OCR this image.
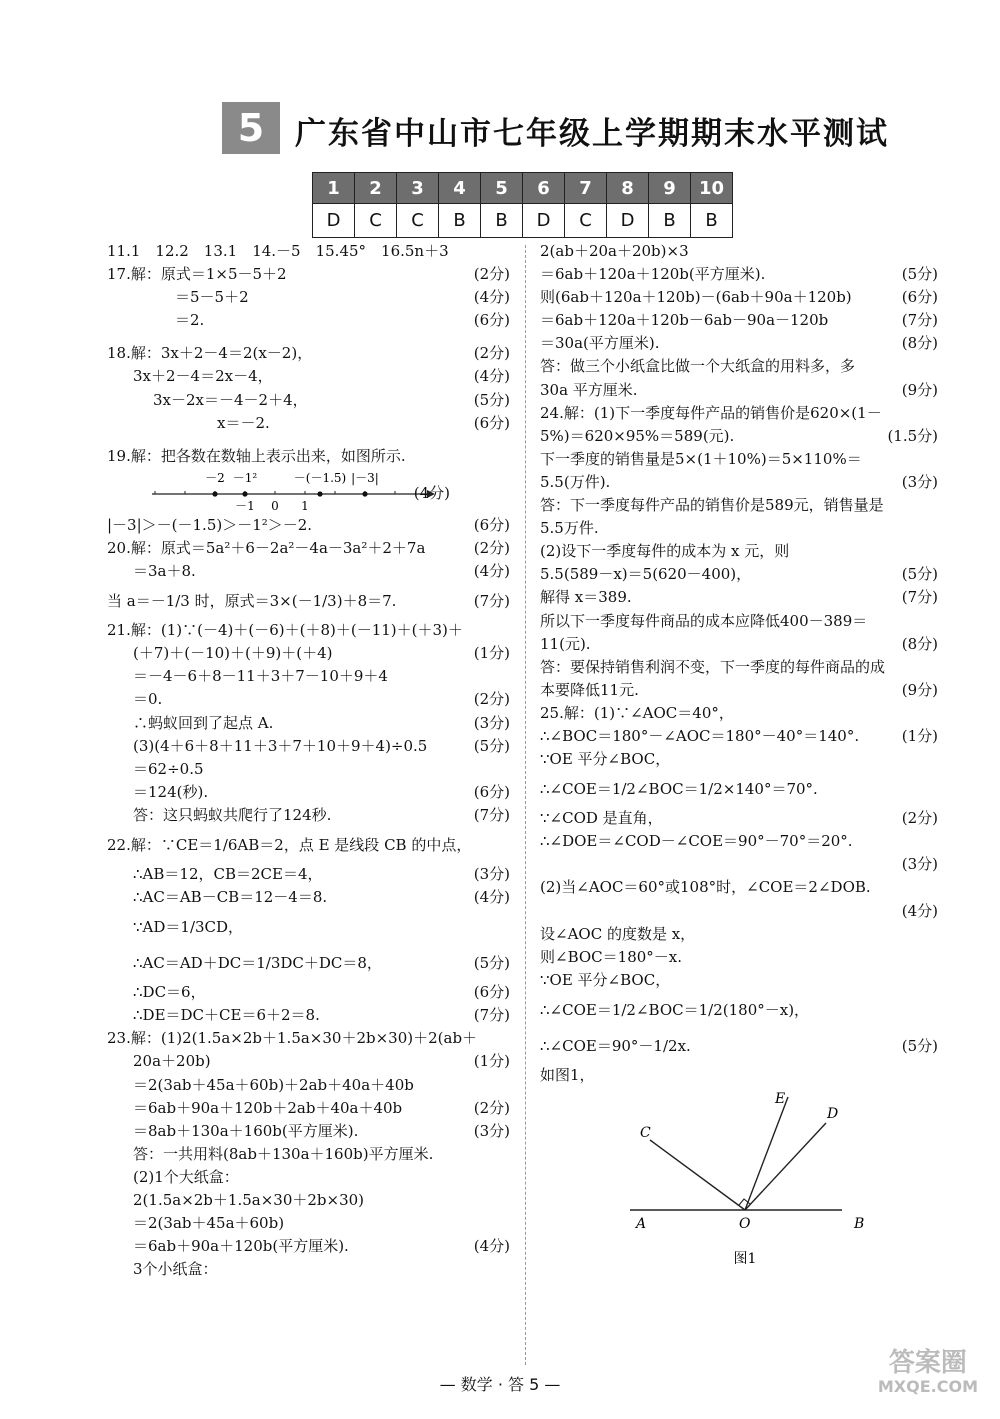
5 广东省中山市七年级上学期期末水平测试
1	2	3	4	5	6	7	8	9	10
D	C	C	B	B	D	C	D	B	B
11.1　12.2　13.1　14.－5　15.45°　16.5n＋3
17.解：原式＝1×5－5＋2	(2分)
＝5－5＋2	(4分)
＝2.	(6分)
18.解：3x＋2－4＝2(x－2)，	(2分)
3x＋2－4＝2x－4，	(4分)
3x－2x＝－4－2＋4，	(5分)
x＝－2.	(6分)
19.解：把各数在数轴上表示出来，如图所示.
－2 －1²	－(－1.5) |－3|
－1 0 1
(4分)
|－3|＞－(－1.5)＞－1²＞－2.	(6分)
20.解：原式＝5a²＋6－2a²－4a－3a²＋2＋7a	(2分)
＝3a＋8.	(4分)
当 a＝－1/3 时，原式＝3×(－1/3)＋8＝7.	(7分)
21.解：(1)∵(－4)＋(－6)＋(＋8)＋(－11)＋(＋3)＋
(＋7)＋(－10)＋(＋9)＋(＋4)	(1分)
＝－4－6＋8－11＋3＋7－10＋9＋4
＝0.	(2分)
∴蚂蚁回到了起点 A.	(3分)
(3)(4＋6＋8＋11＋3＋7＋10＋9＋4)÷0.5	(5分)
＝62÷0.5
＝124(秒).	(6分)
答：这只蚂蚁共爬行了124秒.	(7分)
22.解：∵CE＝1/6AB＝2，点 E 是线段 CB 的中点，
∴AB＝12，CB＝2CE＝4，	(3分)
∴AC＝AB－CB＝12－4＝8.	(4分)
∵AD＝1/3CD，
∴AC＝AD＋DC＝1/3DC＋DC＝8，	(5分)
∴DC＝6，	(6分)
∴DE＝DC＋CE＝6＋2＝8.	(7分)
23.解：(1)2(1.5a×2b＋1.5a×30＋2b×30)＋2(ab＋
20a＋20b)	(1分)
＝2(3ab＋45a＋60b)＋2ab＋40a＋40b
＝6ab＋90a＋120b＋2ab＋40a＋40b	(2分)
＝8ab＋130a＋160b(平方厘米).	(3分)
答：一共用料(8ab＋130a＋160b)平方厘米.
(2)1个大纸盒：
2(1.5a×2b＋1.5a×30＋2b×30)
＝2(3ab＋45a＋60b)
＝6ab＋90a＋120b(平方厘米).	(4分)
3个小纸盒：
2(ab＋20a＋20b)×3
＝6ab＋120a＋120b(平方厘米).	(5分)
则(6ab＋120a＋120b)－(6ab＋90a＋120b)	(6分)
＝6ab＋120a＋120b－6ab－90a－120b	(7分)
＝30a(平方厘米).	(8分)
答：做三个小纸盒比做一个大纸盒的用料多，多
30a 平方厘米.	(9分)
24.解：(1)下一季度每件产品的销售价是620×(1－
5%)＝620×95%＝589(元).	(1.5分)
下一季度的销售量是5×(1＋10%)＝5×110%＝
5.5(万件).	(3分)
答：下一季度每件产品的销售价是589元，销售量是
5.5万件.
(2)设下一季度每件的成本为 x 元，则
5.5(589－x)＝5(620－400)，	(5分)
解得 x＝389.	(7分)
所以下一季度每件商品的成本应降低400－389＝
11(元).	(8分)
答：要保持销售利润不变，下一季度的每件商品的成
本要降低11元.	(9分)
25.解：(1)∵∠AOC＝40°，
∴∠BOC＝180°－∠AOC＝180°－40°＝140°.	(1分)
∵OE 平分∠BOC，
∴∠COE＝1/2∠BOC＝1/2×140°＝70°.
∵∠COD 是直角，	(2分)
∴∠DOE＝∠COD－∠COE＝90°－70°＝20°.
(3分)
(2)当∠AOC＝60°或108°时，∠COE＝2∠DOB.
(4分)
设∠AOC 的度数是 x，
则∠BOC＝180°－x.
∵OE 平分∠BOC，
∴∠COE＝1/2∠BOC＝1/2(180°－x)，
∴∠COE＝90°－1/2x.	(5分)
如图1，
C
E
D
A	O	B
图1
— 数学 · 答 5 —
答案圈
MXQE.COM
